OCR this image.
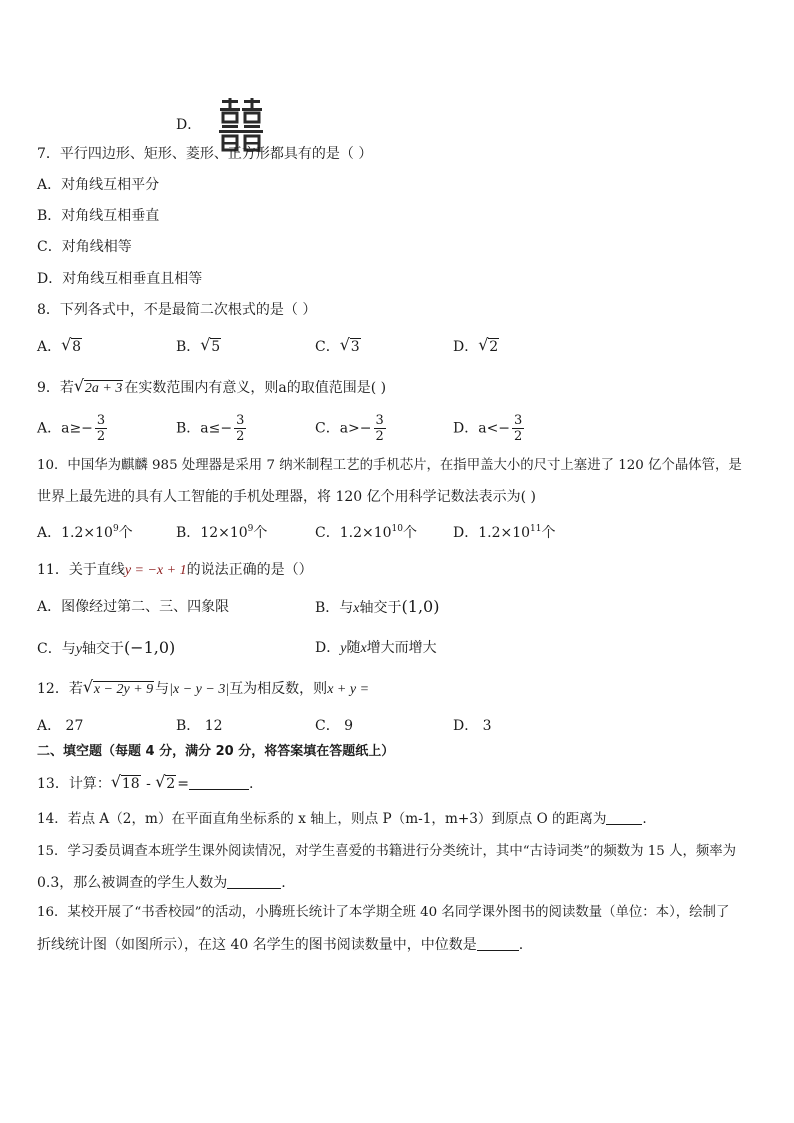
D．
7．平行四边形、矩形、菱形、正方形都具有的是（ ）
A．对角线互相平分
B．对角线互相垂直
C．对角线相等
D．对角线互相垂直且相等
8．下列各式中，不是最简二次根式的是（ ）
A． √ 8	B． √ 5	C． √ 3	D． √ 2
9．若 √ 2a + 3 在实数范围内有意义，则a的取值范围是( )
A．$a\ge- \frac{3}{2}$	B．$a\le- \frac{3}{2}$	C．$a>- \frac{3}{2}$	D．$a<- \frac{3}{2}$
10．中国华为麒麟 985 处理器是采用 7 纳米制程工艺的手机芯片，在指甲盖大小的尺寸上塞进了 120 亿个晶体管，是
世界上最先进的具有人工智能的手机处理器，将 120 亿个用科学记数法表示为( )
A．$1.2\times 10^9$个	B．$12\times 10^9$个	C．$1.2\times 10^{10}$个	D．$1.2\times 10^{11}$个
11．关于直线y = −x + 1的说法正确的是（）
A．图像经过第二、三、四象限	B．与x轴交于(1,0)
C．与y轴交于(−1,0)	D．y随x增大而增大
12．若 √ x − 2y + 9 与|x − y − 3|互为相反数，则x + y =
A． 27	B． 12	C． 9	D． 3
二、填空题（每题 4 分，满分 20 分，将答案填在答题纸上）
13．计算： √ 18 - √ 2 =	.
14．若点 A（2，m）在平面直角坐标系的 x 轴上，则点 P（m-1，m+3）到原点 O 的距离为	.
15．学习委员调查本班学生课外阅读情况，对学生喜爱的书籍进行分类统计，其中“古诗词类”的频数为 15 人，频率为
0.3，那么被调查的学生人数为	.
16．某校开展了“书香校园”的活动，小腾班长统计了本学期全班 40 名同学课外图书的阅读数量（单位：本），绘制了
折线统计图（如图所示），在这 40 名学生的图书阅读数量中，中位数是	.
